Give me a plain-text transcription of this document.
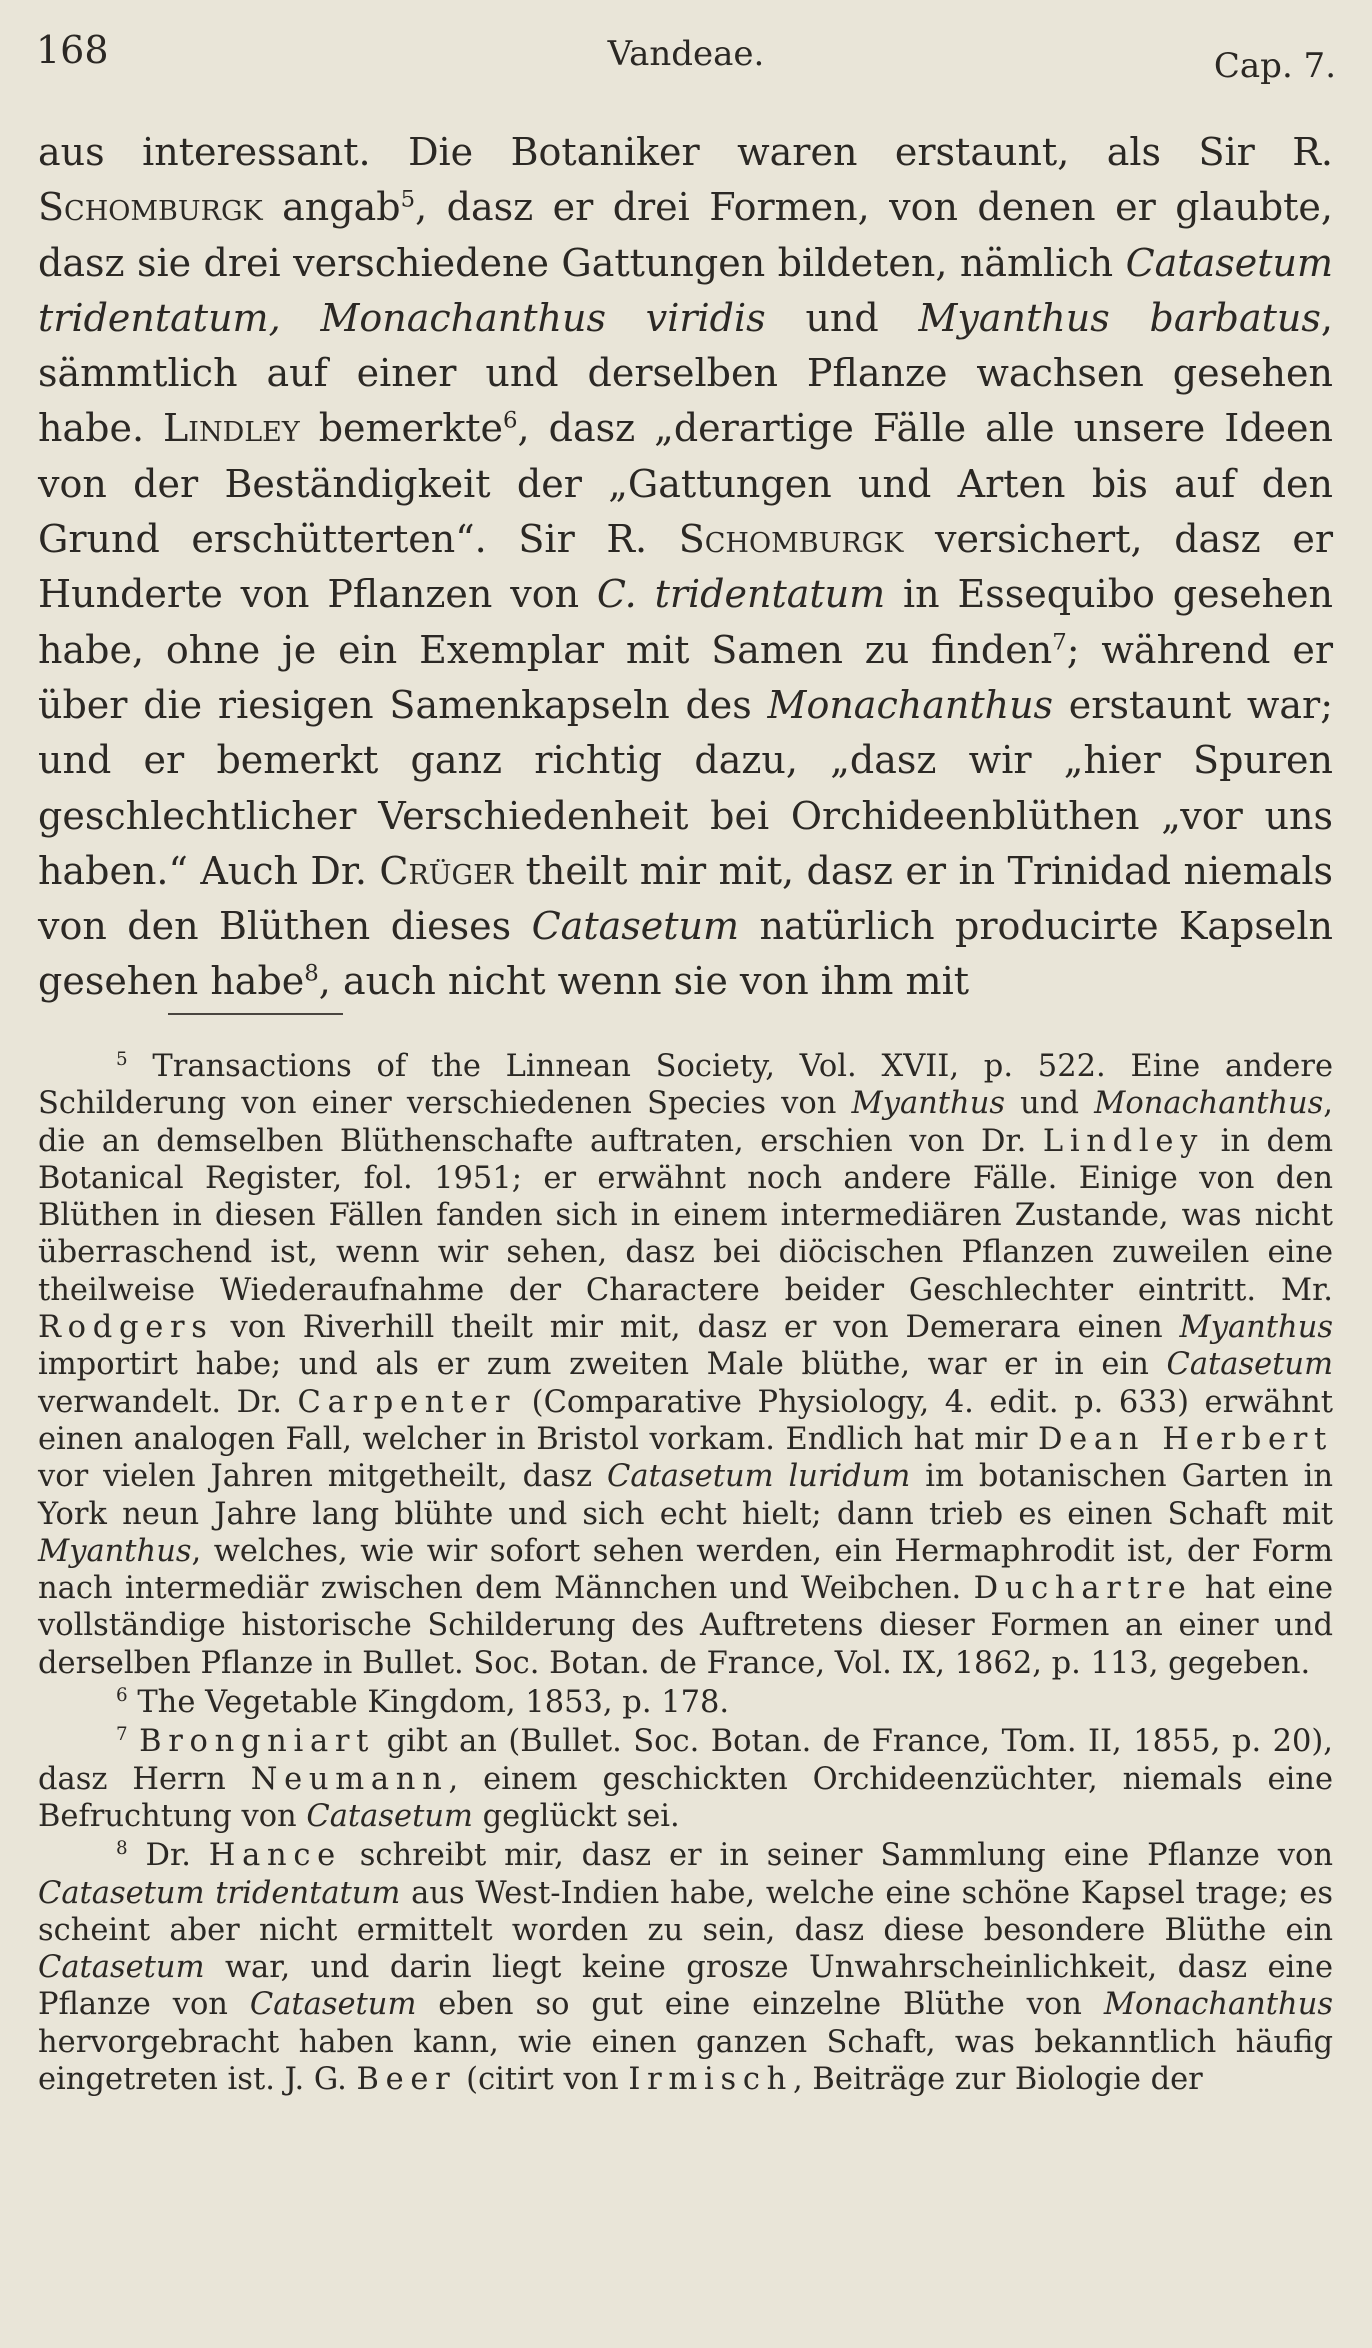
168	Vandeae.	Cap. 7.

aus interessant. Die Botaniker waren erstaunt, als Sir R. Schomburgk angab$^5$, dasz er drei Formen, von denen er glaubte, dasz sie drei verschiedene Gattungen bildeten, nämlich Catasetum tridentatum, Monachanthus viridis und Myanthus barbatus, sämmtlich auf einer und derselben Pflanze wachsen gesehen habe. Lindley bemerkte$^6$, dasz „derartige Fälle alle unsere Ideen von der Beständigkeit der „Gattungen und Arten bis auf den Grund erschütterten“. Sir R. Schomburgk versichert, dasz er Hunderte von Pflanzen von C. tridentatum in Essequibo gesehen habe, ohne je ein Exemplar mit Samen zu finden$^7$; während er über die riesigen Samenkapseln des Monachanthus erstaunt war; und er bemerkt ganz richtig dazu, „dasz wir „hier Spuren geschlechtlicher Verschiedenheit bei Orchideenblüthen „vor uns haben.“ Auch Dr. Crüger theilt mir mit, dasz er in Trinidad niemals von den Blüthen dieses Catasetum natürlich producirte Kapseln gesehen habe$^8$, auch nicht wenn sie von ihm mit

$^5$ Transactions of the Linnean Society, Vol. XVII, p. 522. Eine andere Schilderung von einer verschiedenen Species von Myanthus und Monachanthus, die an demselben Blüthenschafte auftraten, erschien von Dr. Lindley in dem Botanical Register, fol. 1951; er erwähnt noch andere Fälle. Einige von den Blüthen in diesen Fällen fanden sich in einem intermediären Zustande, was nicht überraschend ist, wenn wir sehen, dasz bei diöcischen Pflanzen zuweilen eine theilweise Wiederaufnahme der Charactere beider Geschlechter eintritt. Mr. Rodgers von Riverhill theilt mir mit, dasz er von Demerara einen Myanthus importirt habe; und als er zum zweiten Male blüthe, war er in ein Catasetum verwandelt. Dr. Carpenter (Comparative Physiology, 4. edit. p. 633) erwähnt einen analogen Fall, welcher in Bristol vorkam. Endlich hat mir Dean Herbert vor vielen Jahren mitgetheilt, dasz Catasetum luridum im botanischen Garten in York neun Jahre lang blühte und sich echt hielt; dann trieb es einen Schaft mit Myanthus, welches, wie wir sofort sehen werden, ein Hermaphrodit ist, der Form nach intermediär zwischen dem Männchen und Weibchen. Duchartre hat eine vollständige historische Schilderung des Auftretens dieser Formen an einer und derselben Pflanze in Bullet. Soc. Botan. de France, Vol. IX, 1862, p. 113, gegeben.

$^6$ The Vegetable Kingdom, 1853, p. 178.

$^7$ Brongniart gibt an (Bullet. Soc. Botan. de France, Tom. II, 1855, p. 20), dasz Herrn Neumann, einem geschickten Orchideenzüchter, niemals eine Befruchtung von Catasetum geglückt sei.

$^8$ Dr. Hance schreibt mir, dasz er in seiner Sammlung eine Pflanze von Catasetum tridentatum aus West-Indien habe, welche eine schöne Kapsel trage; es scheint aber nicht ermittelt worden zu sein, dasz diese besondere Blüthe ein Catasetum war, und darin liegt keine grosze Unwahrscheinlichkeit, dasz eine Pflanze von Catasetum eben so gut eine einzelne Blüthe von Monachanthus hervorgebracht haben kann, wie einen ganzen Schaft, was bekanntlich häufig eingetreten ist. J. G. Beer (citirt von Irmisch, Beiträge zur Biologie der
